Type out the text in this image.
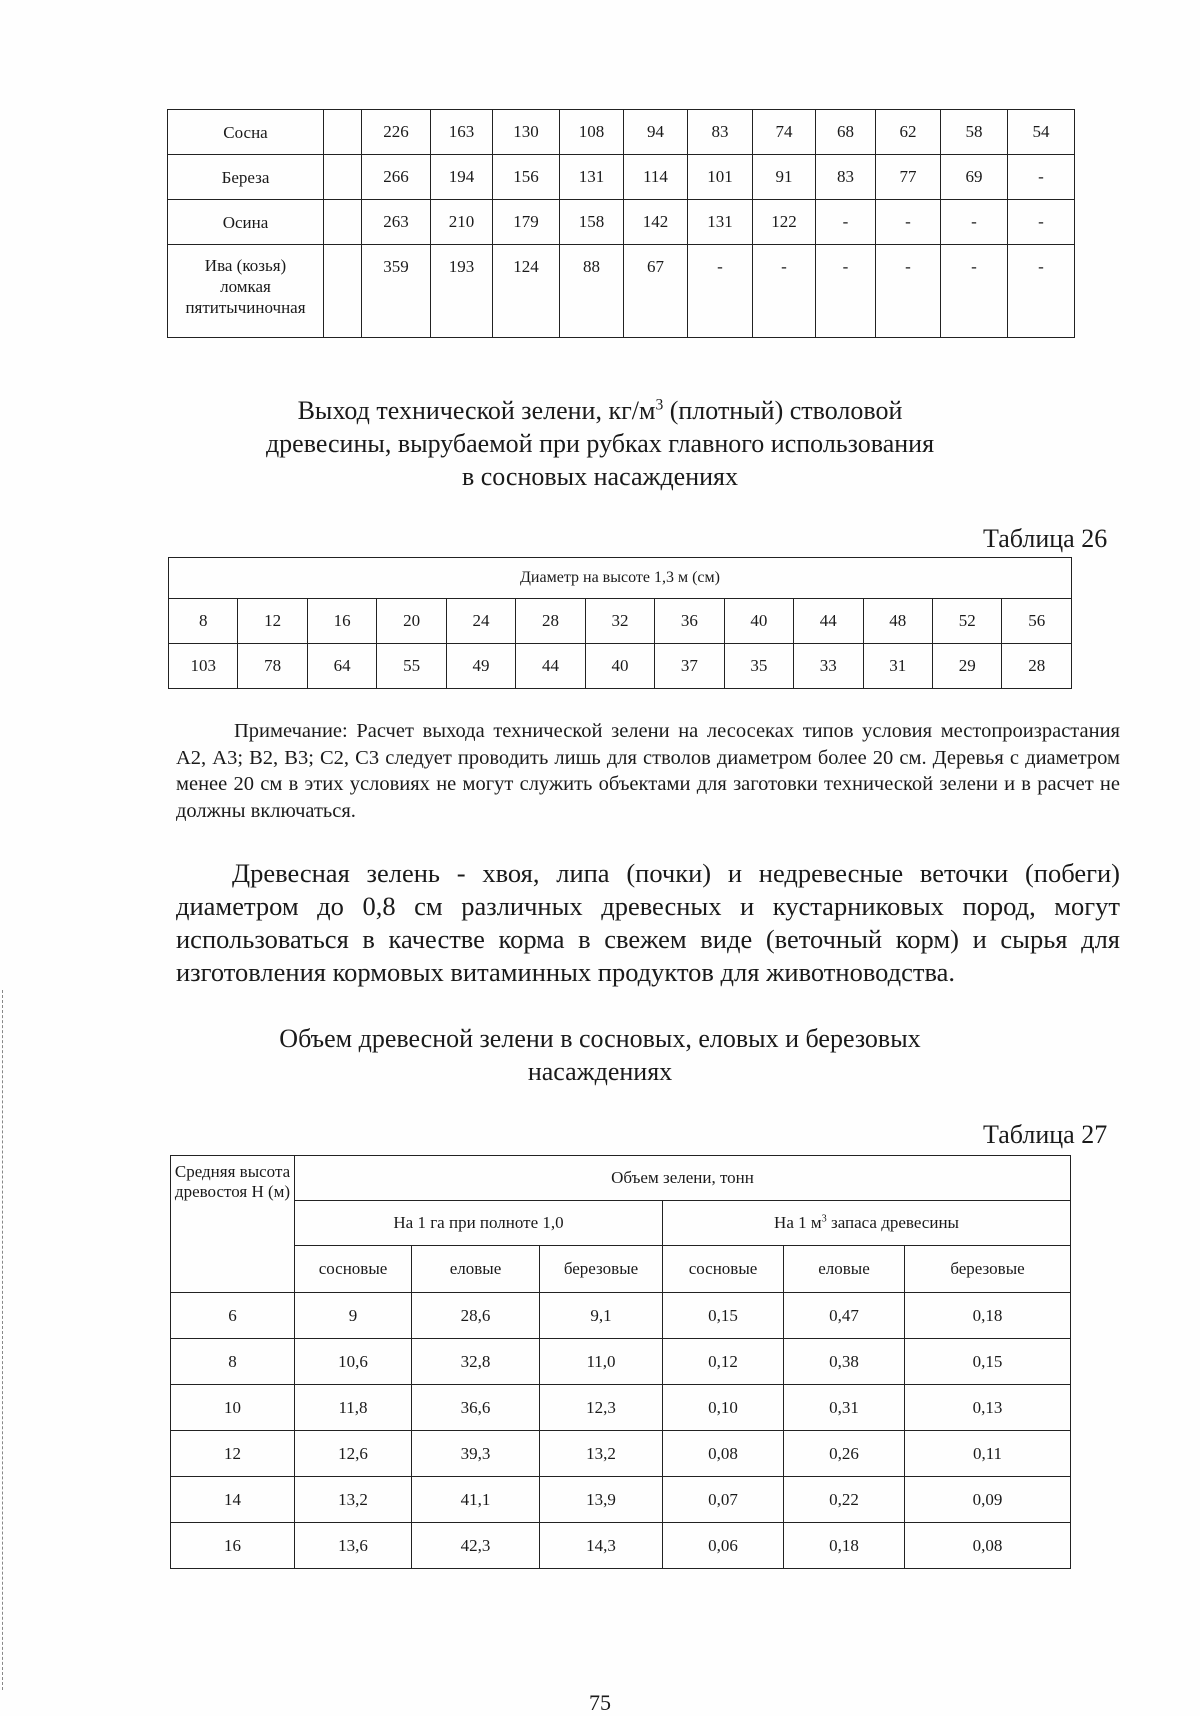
Сосна		226	163	130	108	94	83	74	68	62	58	54

Береза		266	194	156	131	114	101	91	83	77	69	-

Осина		263	210	179	158	142	131	122	-	-	-	-

Ива (козья)
ломкая
пятитычиночная		359	193	124	88	67	-	-	-	-	-	-

Выход технической зелени, $кг/м^3$ (плотный) стволовой

древесины, вырубаемой при рубках главного использования

в сосновых насаждениях

Таблица 26
Диаметр на высоте 1,3 м (см)												
8	12	16	20	24	28	32	36	40	44	48	52	56
103	78	64	55	49	44	40	37	35	33	31	29	28
Примечание: Расчет выхода технической зелени на лесосеках типов условия местопроизрастания А2, А3; В2, В3; С2, С3 следует проводить лишь для стволов диаметром более 20 см. Деревья с диаметром менее 20 см в этих условиях не могут служить объектами для заготовки технической зелени и в расчет не должны включаться.
Древесная зелень - хвоя, липа (почки) и недревесные веточки (побеги) диаметром до 0,8 см различных древесных и кустарниковых пород, могут использоваться в качестве корма в свежем виде (веточный корм) и сырья для изготовления кормовых витаминных продуктов для животноводства.

Объем древесной зелени в сосновых, еловых и березовых

насаждениях

Таблица 27
Средняя высота древостоя Н (м)	Объем зелени, тонн					
	На 1 га при полноте 1,0			На 1 $м^3$ запаса древесины		
	сосновые	еловые	березовые	сосновые	еловые	березовые
6	9	28,6	9,1	0,15	0,47	0,18
8	10,6	32,8	11,0	0,12	0,38	0,15
10	11,8	36,6	12,3	0,10	0,31	0,13
12	12,6	39,3	13,2	0,08	0,26	0,11
14	13,2	41,1	13,9	0,07	0,22	0,09
16	13,6	42,3	14,3	0,06	0,18	0,08
75
